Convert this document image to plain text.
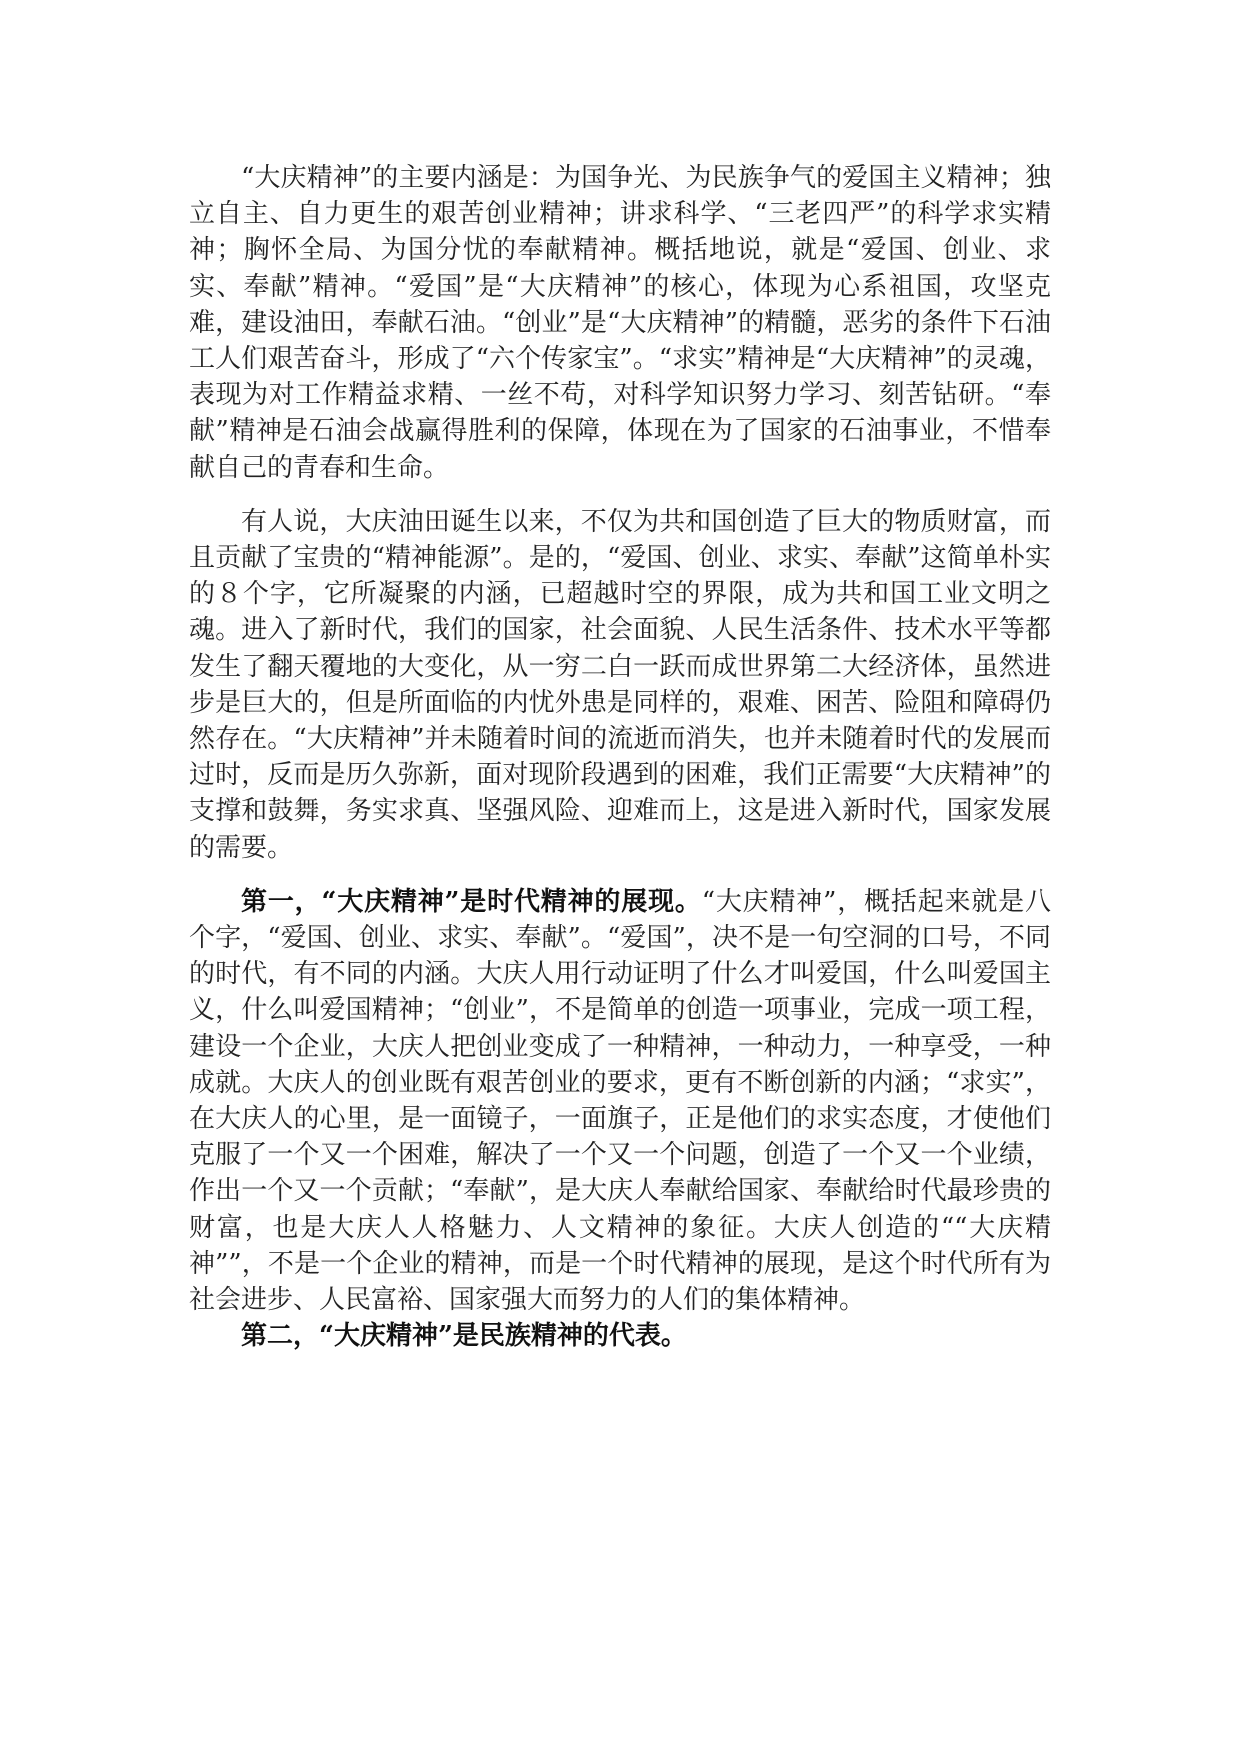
“大庆精神”的主要内涵是：为国争光、为民族争气的爱国主义精神；独立自主、自力更生的艰苦创业精神；讲求科学、“三老四严”的科学求实精神；胸怀全局、为国分忧的奉献精神。概括地说，就是“爱国、创业、求实、奉献”精神。“爱国”是“大庆精神”的核心，体现为心系祖国，攻坚克难，建设油田，奉献石油。“创业”是“大庆精神”的精髓，恶劣的条件下石油工人们艰苦奋斗，形成了“六个传家宝”。“求实”精神是“大庆精神”的灵魂，表现为对工作精益求精、一丝不苟，对科学知识努力学习、刻苦钻研。“奉献”精神是石油会战赢得胜利的保障，体现在为了国家的石油事业，不惜奉献自己的青春和生命。

有人说，大庆油田诞生以来，不仅为共和国创造了巨大的物质财富，而且贡献了宝贵的“精神能源”。是的，“爱国、创业、求实、奉献”这简单朴实的８个字，它所凝聚的内涵，已超越时空的界限，成为共和国工业文明之魂。进入了新时代，我们的国家，社会面貌、人民生活条件、技术水平等都发生了翻天覆地的大变化，从一穷二白一跃而成世界第二大经济体，虽然进步是巨大的，但是所面临的内忧外患是同样的，艰难、困苦、险阻和障碍仍然存在。“大庆精神”并未随着时间的流逝而消失，也并未随着时代的发展而过时，反而是历久弥新，面对现阶段遇到的困难，我们正需要“大庆精神”的支撑和鼓舞，务实求真、坚强风险、迎难而上，这是进入新时代，国家发展的需要。

第一，“大庆精神”是时代精神的展现。“大庆精神”，概括起来就是八个字，“爱国、创业、求实、奉献”。“爱国”，决不是一句空洞的口号，不同的时代，有不同的内涵。大庆人用行动证明了什么才叫爱国，什么叫爱国主义，什么叫爱国精神；“创业”，不是简单的创造一项事业，完成一项工程，建设一个企业，大庆人把创业变成了一种精神，一种动力，一种享受，一种成就。大庆人的创业既有艰苦创业的要求，更有不断创新的内涵；“求实”，在大庆人的心里，是一面镜子，一面旗子，正是他们的求实态度，才使他们克服了一个又一个困难，解决了一个又一个问题，创造了一个又一个业绩，作出一个又一个贡献；“奉献”，是大庆人奉献给国家、奉献给时代最珍贵的财富，也是大庆人人格魅力、人文精神的象征。大庆人创造的““大庆精神””，不是一个企业的精神，而是一个时代精神的展现，是这个时代所有为社会进步、人民富裕、国家强大而努力的人们的集体精神。

第二，“大庆精神”是民族精神的代表。
